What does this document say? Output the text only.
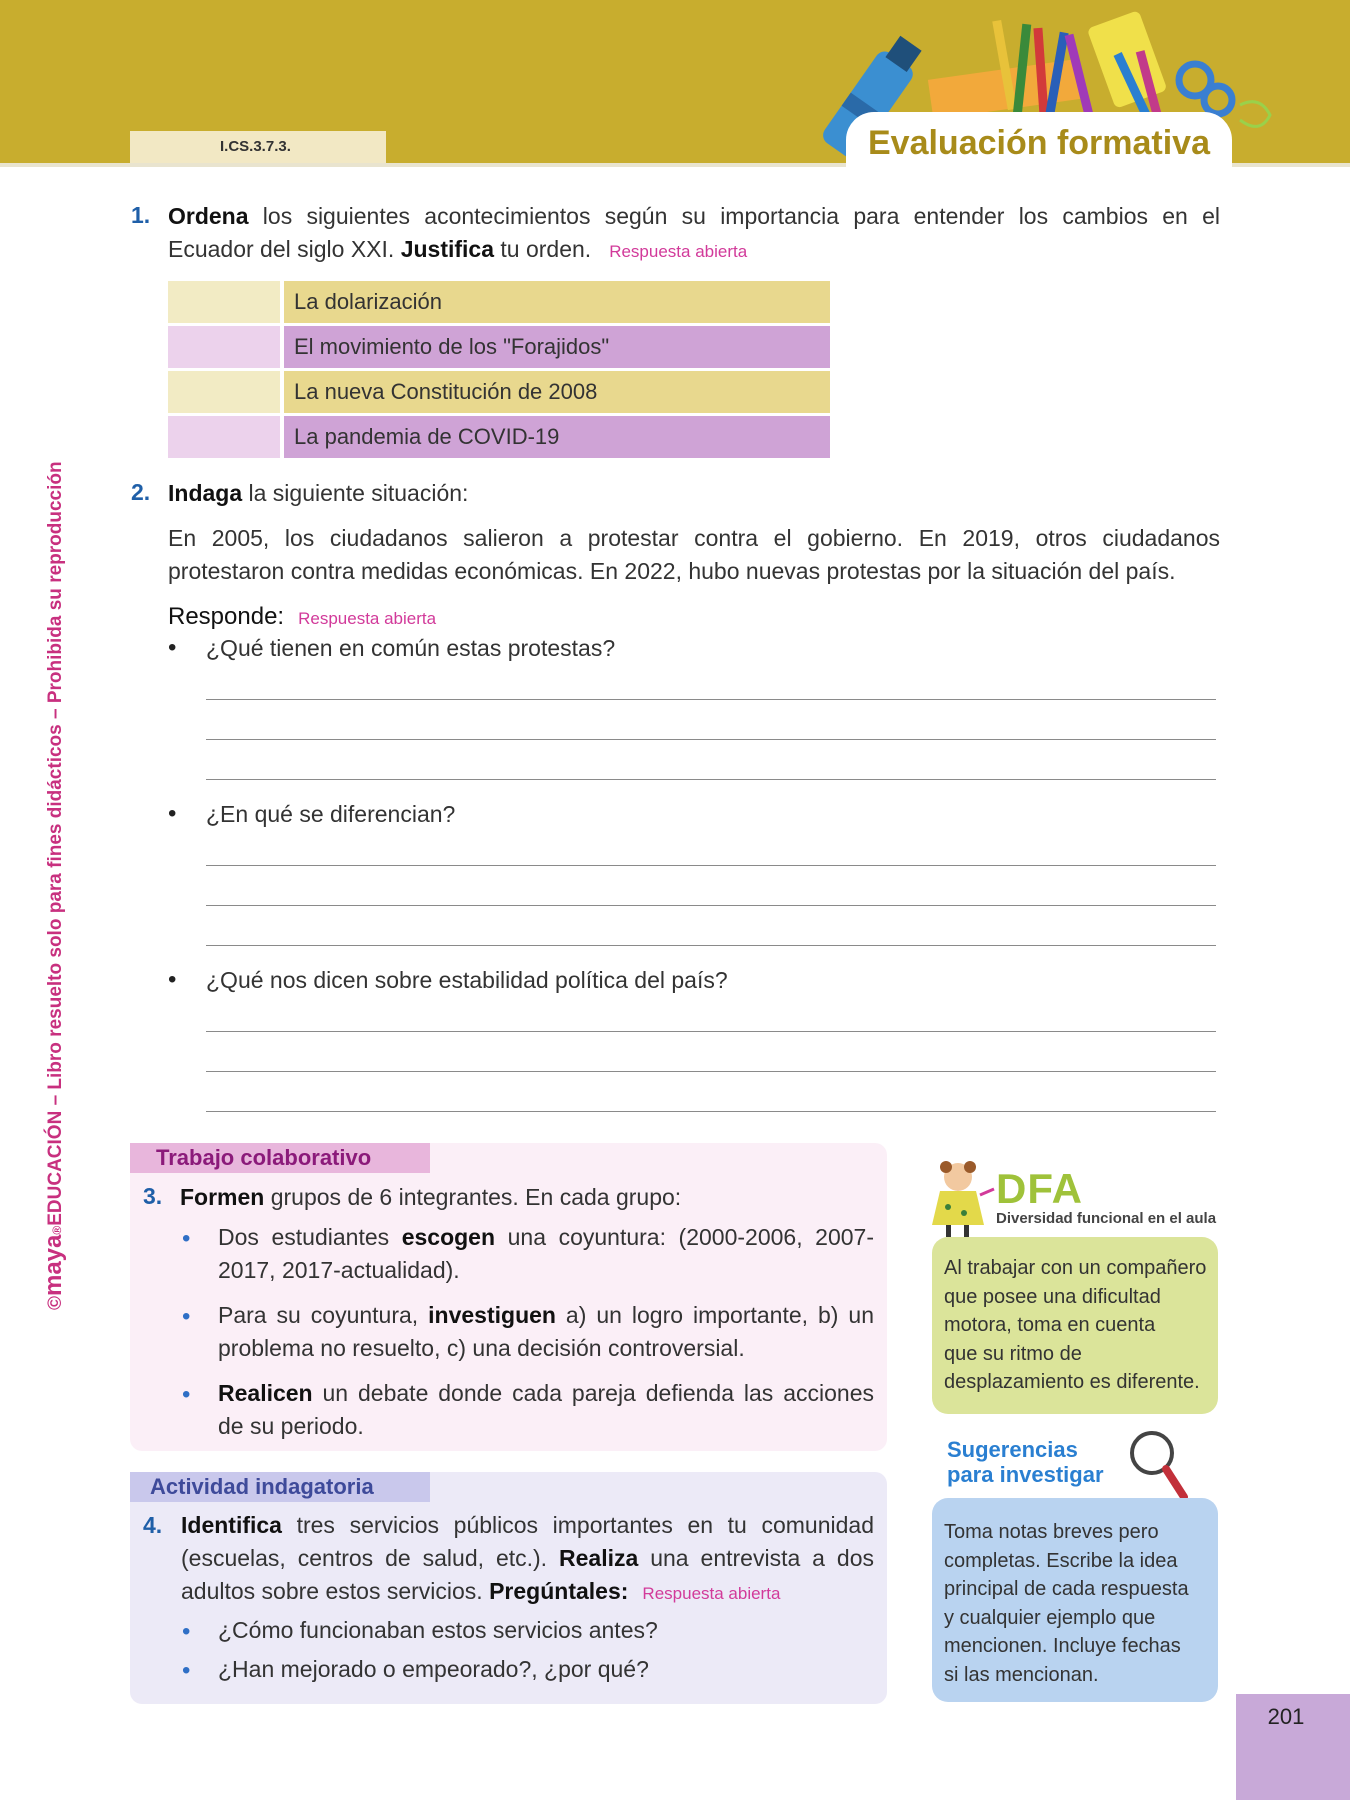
I.CS.3.7.3.	Evaluación formativa
©maya®EDUCACIÓN – Libro resuelto solo para fines didácticos – Prohibida su reproducción
1. Ordena los siguientes acontecimientos según su importancia para entender los cambios en el
Ecuador del siglo XXI. Justifica tu orden. Respuesta abierta
La dolarización
El movimiento de los "Forajidos"
La nueva Constitución de 2008
La pandemia de COVID-19
2. Indaga la siguiente situación:
En 2005, los ciudadanos salieron a protestar contra el gobierno. En 2019, otros ciudadanos
protestaron contra medidas económicas. En 2022, hubo nuevas protestas por la situación del país.
Responde: Respuesta abierta
• ¿Qué tienen en común estas protestas?
• ¿En qué se diferencian?
• ¿Qué nos dicen sobre estabilidad política del país?
Trabajo colaborativo
3. Formen grupos de 6 integrantes. En cada grupo:
• Dos estudiantes escogen una coyuntura: (2000-2006, 2007-
2017, 2017-actualidad).
• Para su coyuntura, investiguen a) un logro importante, b) un
problema no resuelto, c) una decisión controversial.
• Realicen un debate donde cada pareja defienda las acciones
de su periodo.
Actividad indagatoria
4. Identifica tres servicios públicos importantes en tu comunidad
(escuelas, centros de salud, etc.). Realiza una entrevista a dos
adultos sobre estos servicios. Pregúntales: Respuesta abierta
• ¿Cómo funcionaban estos servicios antes?
• ¿Han mejorado o empeorado?, ¿por qué?
DFA
Diversidad funcional en el aula
Al trabajar con un compañero
que posee una dificultad
motora, toma en cuenta
que su ritmo de
desplazamiento es diferente.
Sugerencias
para investigar
Toma notas breves pero
completas. Escribe la idea
principal de cada respuesta
y cualquier ejemplo que
mencionen. Incluye fechas
si las mencionan.
201
